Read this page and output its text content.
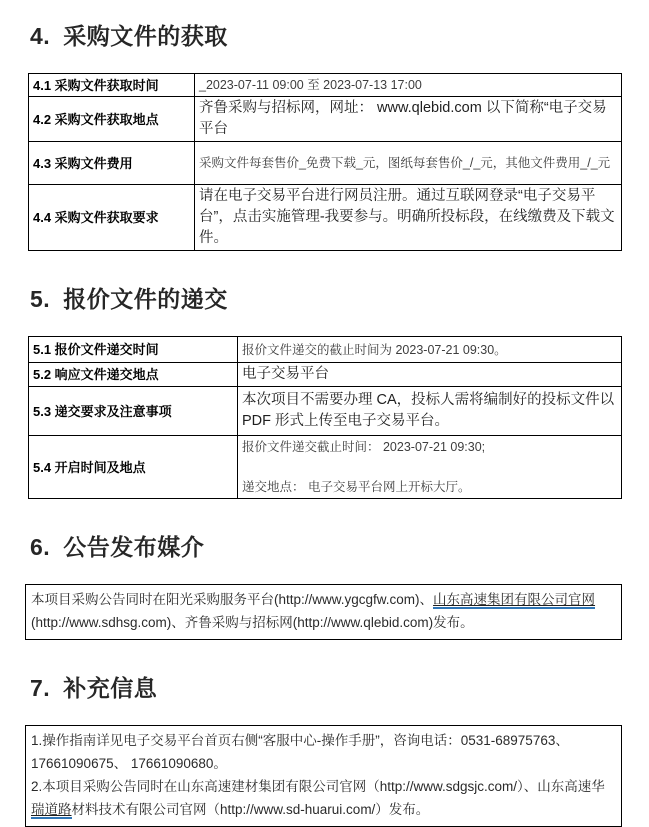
4. 采购文件的获取
4.1 采购文件获取时间	_2023-07-11 09:00 至 2023-07-13 17:00
4.2 采购文件获取地点	齐鲁采购与招标网，网址： www.qlebid.com 以下简称“电子交易平台
4.3 采购文件费用	采购文件每套售价_免费下载_元，图纸每套售价_/_元，其他文件费用_/_元
4.4 采购文件获取要求	请在电子交易平台进行网员注册。通过互联网登录“电子交易平台”，点击实施管理-我要参与。明确所投标段，在线缴费及下载文件。
5. 报价文件的递交
5.1 报价文件递交时间	报价文件递交的截止时间为 2023-07-21 09:30。
5.2 响应文件递交地点	电子交易平台
5.3 递交要求及注意事项	本次项目不需要办理 CA，投标人需将编制好的投标文件以 PDF 形式上传至电子交易平台。
5.4 开启时间及地点	报价文件递交截止时间： 2023-07-21 09:30;

递交地点： 电子交易平台网上开标大厅。

6. 公告发布媒介

本项目采购公告同时在阳光采购服务平台(http://www.ygcgfw.com)、山东高速集团有限公司官网(http://www.sdhsg.com)、齐鲁采购与招标网(http://www.qlebid.com)发布。

7. 补充信息

1.操作指南详见电子交易平台首页右侧“客服中心-操作手册”，咨询电话：0531-68975763、 17661090675、 17661090680。

2.本项目采购公告同时在山东高速建材集团有限公司官网（http://www.sdgsjc.com/）、山东高速华瑞道路材料技术有限公司官网（http://www.sd-huarui.com/）发布。
